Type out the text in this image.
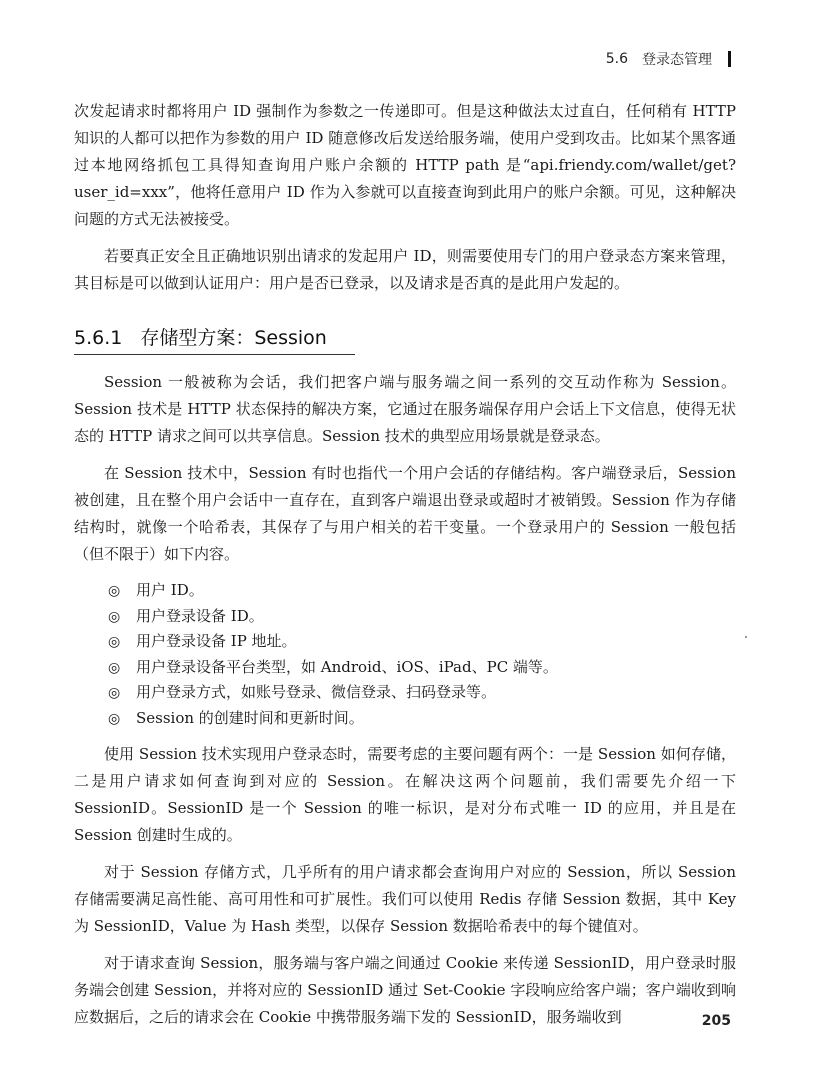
5.6 登录态管理

次发起请求时都将用户 ID 强制作为参数之一传递即可。但是这种做法太过直白，任何稍有 HTTP 知识的人都可以把作为参数的用户 ID 随意修改后发送给服务端，使用户受到攻击。比如某个黑客通过本地网络抓包工具得知查询用户账户余额的 HTTP path 是“api.friendy.com/wallet/get?user_id=xxx”，他将任意用户 ID 作为入参就可以直接查询到此用户的账户余额。可见，这种解决问题的方式无法被接受。

若要真正安全且正确地识别出请求的发起用户 ID，则需要使用专门的用户登录态方案来管理，其目标是可以做到认证用户：用户是否已登录，以及请求是否真的是此用户发起的。

5.6.1 存储型方案：Session

Session 一般被称为会话，我们把客户端与服务端之间一系列的交互动作称为 Session。Session 技术是 HTTP 状态保持的解决方案，它通过在服务端保存用户会话上下文信息，使得无状态的 HTTP 请求之间可以共享信息。Session 技术的典型应用场景就是登录态。

在 Session 技术中，Session 有时也指代一个用户会话的存储结构。客户端登录后，Session 被创建，且在整个用户会话中一直存在，直到客户端退出登录或超时才被销毁。Session 作为存储结构时，就像一个哈希表，其保存了与用户相关的若干变量。一个登录用户的 Session 一般包括（但不限于）如下内容。

◎	用户 ID。
◎	用户登录设备 ID。
◎	用户登录设备 IP 地址。
◎	用户登录设备平台类型，如 Android、iOS、iPad、PC 端等。
◎	用户登录方式，如账号登录、微信登录、扫码登录等。
◎	Session 的创建时间和更新时间。

使用 Session 技术实现用户登录态时，需要考虑的主要问题有两个：一是 Session 如何存储，二是用户请求如何查询到对应的 Session。在解决这两个问题前，我们需要先介绍一下 SessionID。SessionID 是一个 Session 的唯一标识，是对分布式唯一 ID 的应用，并且是在 Session 创建时生成的。

对于 Session 存储方式，几乎所有的用户请求都会查询用户对应的 Session，所以 Session 存储需要满足高性能、高可用性和可扩展性。我们可以使用 Redis 存储 Session 数据，其中 Key 为 SessionID，Value 为 Hash 类型，以保存 Session 数据哈希表中的每个键值对。

对于请求查询 Session，服务端与客户端之间通过 Cookie 来传递 SessionID，用户登录时服务端会创建 Session，并将对应的 SessionID 通过 Set-Cookie 字段响应给客户端；客户端收到响应数据后，之后的请求会在 Cookie 中携带服务端下发的 SessionID，服务端收到	205
